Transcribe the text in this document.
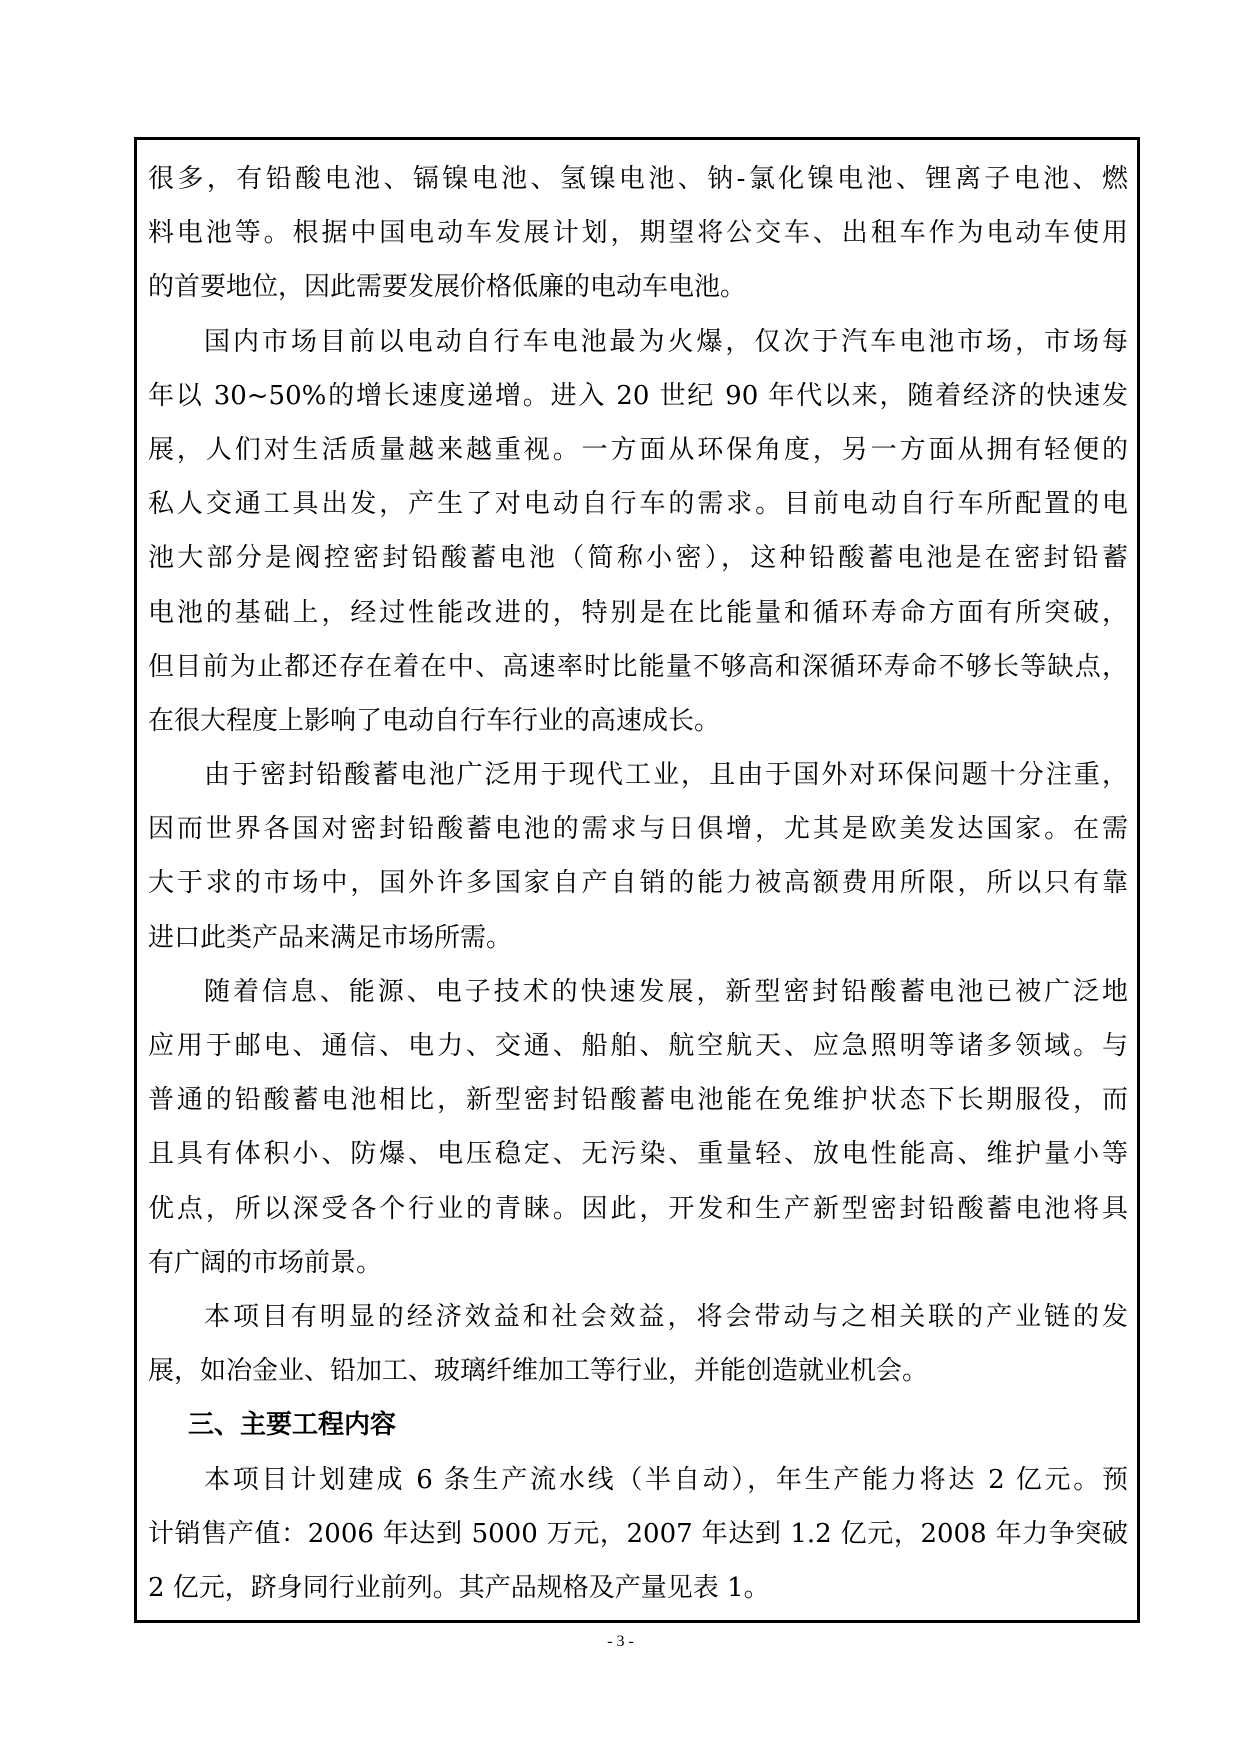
很多，有铅酸电池、镉镍电池、氢镍电池、钠-氯化镍电池、锂离子电池、燃
料电池等。根据中国电动车发展计划，期望将公交车、出租车作为电动车使用
的首要地位，因此需要发展价格低廉的电动车电池。
国内市场目前以电动自行车电池最为火爆，仅次于汽车电池市场，市场每
年以 30~50%的增长速度递增。进入 20 世纪 90 年代以来，随着经济的快速发
展，人们对生活质量越来越重视。一方面从环保角度，另一方面从拥有轻便的
私人交通工具出发，产生了对电动自行车的需求。目前电动自行车所配置的电
池大部分是阀控密封铅酸蓄电池（简称小密），这种铅酸蓄电池是在密封铅蓄
电池的基础上，经过性能改进的，特别是在比能量和循环寿命方面有所突破，
但目前为止都还存在着在中、高速率时比能量不够高和深循环寿命不够长等缺点，
在很大程度上影响了电动自行车行业的高速成长。
由于密封铅酸蓄电池广泛用于现代工业，且由于国外对环保问题十分注重，
因而世界各国对密封铅酸蓄电池的需求与日俱增，尤其是欧美发达国家。在需
大于求的市场中，国外许多国家自产自销的能力被高额费用所限，所以只有靠
进口此类产品来满足市场所需。
随着信息、能源、电子技术的快速发展，新型密封铅酸蓄电池已被广泛地
应用于邮电、通信、电力、交通、船舶、航空航天、应急照明等诸多领域。与
普通的铅酸蓄电池相比，新型密封铅酸蓄电池能在免维护状态下长期服役，而
且具有体积小、防爆、电压稳定、无污染、重量轻、放电性能高、维护量小等
优点，所以深受各个行业的青睐。因此，开发和生产新型密封铅酸蓄电池将具
有广阔的市场前景。
本项目有明显的经济效益和社会效益，将会带动与之相关联的产业链的发
展，如冶金业、铅加工、玻璃纤维加工等行业，并能创造就业机会。
三、主要工程内容
本项目计划建成 6 条生产流水线（半自动），年生产能力将达 2 亿元。预
计销售产值：2006 年达到 5000 万元，2007 年达到 1.2 亿元，2008 年力争突破
2 亿元，跻身同行业前列。其产品规格及产量见表 1。
- 3 -
